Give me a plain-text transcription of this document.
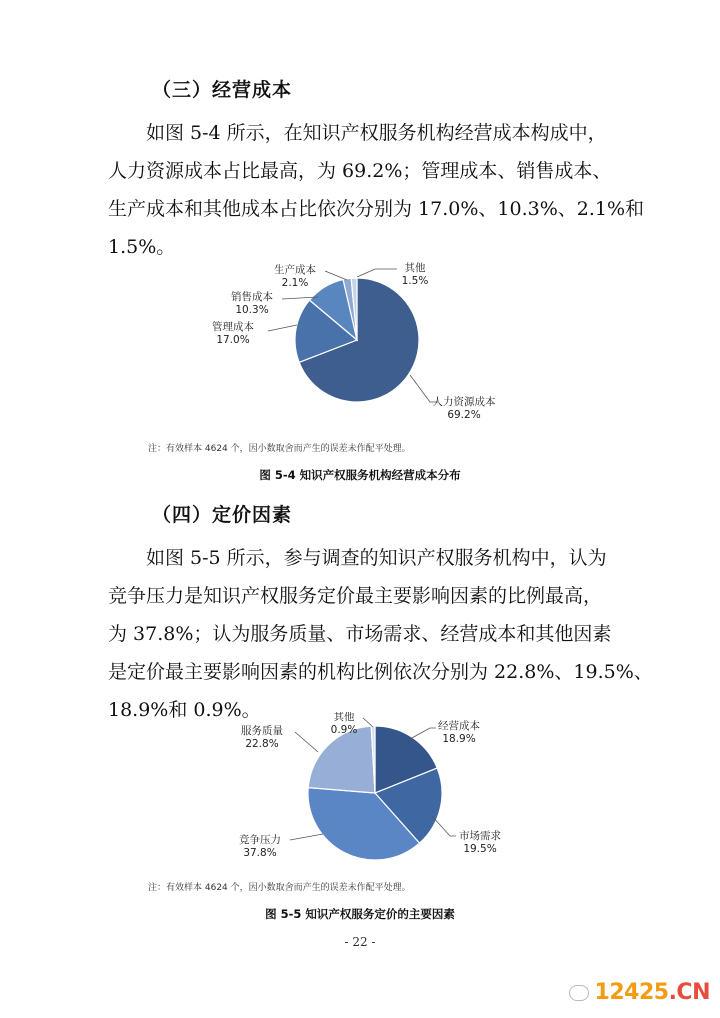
（三）经营成本
如图 5-4 所示，在知识产权服务机构经营成本构成中，
人力资源成本占比最高，为 69.2%；管理成本、销售成本、
生产成本和其他成本占比依次分别为 17.0%、10.3%、2.1%和
1.5%。
人力资源成本
69.2%
管理成本
17.0%
销售成本
10.3%
生产成本
2.1%
其他
1.5%
注：有效样本 4624 个，因小数取舍而产生的误差未作配平处理。
图 5-4 知识产权服务机构经营成本分布
（四）定价因素
如图 5-5 所示，参与调查的知识产权服务机构中，认为
竞争压力是知识产权服务定价最主要影响因素的比例最高，
为 37.8%；认为服务质量、市场需求、经营成本和其他因素
是定价最主要影响因素的机构比例依次分别为 22.8%、19.5%、
18.9%和 0.9%。
经营成本
18.9%
市场需求
19.5%
竞争压力
37.8%
服务质量
22.8%
其他
0.9%
注：有效样本 4624 个，因小数取舍而产生的误差未作配平处理。
图 5-5 知识产权服务定价的主要因素
- 22 -
12425.CN
